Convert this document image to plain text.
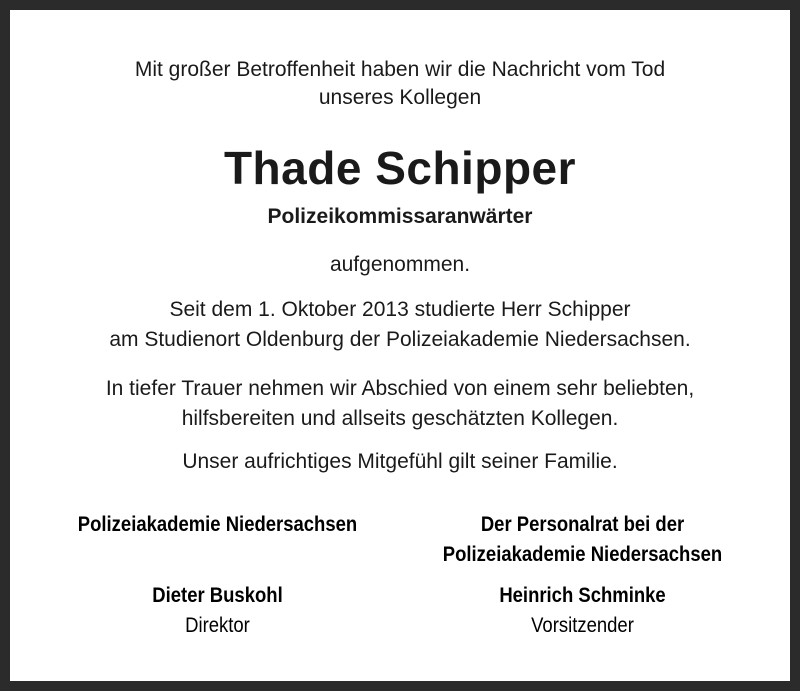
Mit großer Betroffenheit haben wir die Nachricht vom Tod
unseres Kollegen
Thade Schipper
Polizeikommissaranwärter
aufgenommen.
Seit dem 1. Oktober 2013 studierte Herr Schipper
am Studienort Oldenburg der Polizeiakademie Niedersachsen.
In tiefer Trauer nehmen wir Abschied von einem sehr beliebten,
hilfsbereiten und allseits geschätzten Kollegen.
Unser aufrichtiges Mitgefühl gilt seiner Familie.
Polizeiakademie Niedersachsen	Der Personalrat bei der
Polizeiakademie Niedersachsen
Dieter Buskohl
Direktor
Heinrich Schminke
Vorsitzender
